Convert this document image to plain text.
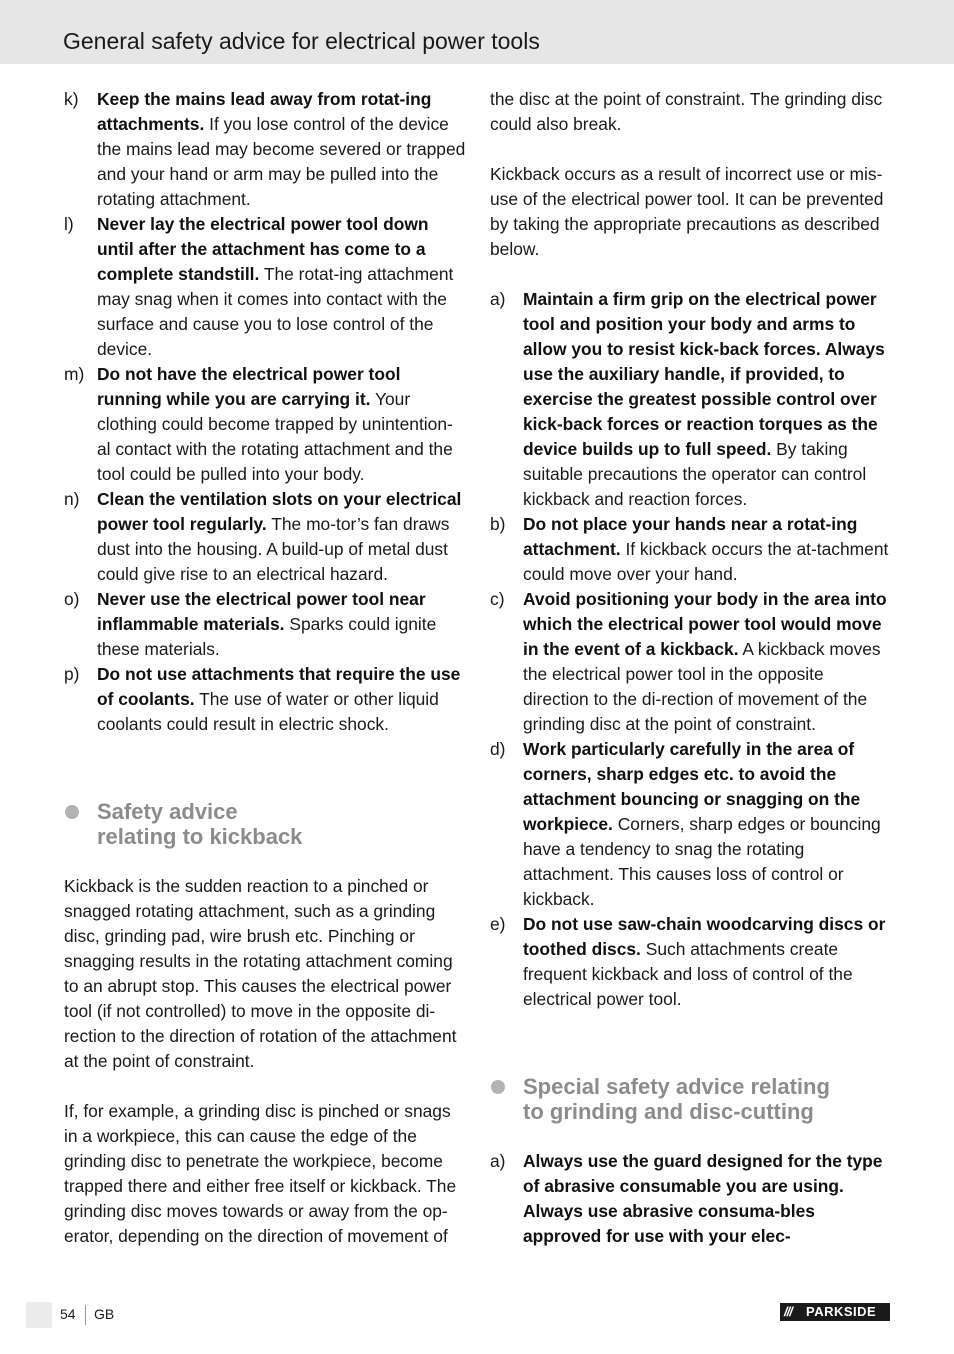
General safety advice for electrical power tools
k) Keep the mains lead away from rotat-ing attachments. If you lose control of the device the mains lead may become severed or trapped and your hand or arm may be pulled into the rotating attachment.
l) Never lay the electrical power tool down until after the attachment has come to a complete standstill. The rotat-ing attachment may snag when it comes into contact with the surface and cause you to lose control of the device.
m) Do not have the electrical power tool running while you are carrying it. Your clothing could become trapped by unintention-al contact with the rotating attachment and the tool could be pulled into your body.
n) Clean the ventilation slots on your electrical power tool regularly. The mo-tor’s fan draws dust into the housing. A build-up of metal dust could give rise to an electrical hazard.
o) Never use the electrical power tool near inflammable materials. Sparks could ignite these materials.
p) Do not use attachments that require the use of coolants. The use of water or other liquid coolants could result in electric shock.
Safety advice
relating to kickback

Kickback is the sudden reaction to a pinched or snagged rotating attachment, such as a grinding disc, grinding pad, wire brush etc. Pinching or snagging results in the rotating attachment coming to an abrupt stop. This causes the electrical power tool (if not controlled) to move in the opposite di-rection to the direction of rotation of the attachment at the point of constraint.

If, for example, a grinding disc is pinched or snags in a workpiece, this can cause the edge of the grinding disc to penetrate the workpiece, become trapped there and either free itself or kickback. The grinding disc moves towards or away from the op-erator, depending on the direction of movement of

the disc at the point of constraint. The grinding disc could also break.

Kickback occurs as a result of incorrect use or mis-use of the electrical power tool. It can be prevented by taking the appropriate precautions as described below.

a) Maintain a firm grip on the electrical power tool and position your body and arms to allow you to resist kick-back forces. Always use the auxiliary handle, if provided, to exercise the greatest possible control over kick-back forces or reaction torques as the device builds up to full speed. By taking suitable precautions the operator can control kickback and reaction forces.
b) Do not place your hands near a rotat-ing attachment. If kickback occurs the at-tachment could move over your hand.
c) Avoid positioning your body in the area into which the electrical power tool would move in the event of a kickback. A kickback moves the electrical power tool in the opposite direction to the di-rection of movement of the grinding disc at the point of constraint.
d) Work particularly carefully in the area of corners, sharp edges etc. to avoid the attachment bouncing or snagging on the workpiece. Corners, sharp edges or bouncing have a tendency to snag the rotating attachment. This causes loss of control or kickback.
e) Do not use saw-chain woodcarving discs or toothed discs. Such attachments create frequent kickback and loss of control of the electrical power tool.
Special safety advice relating
to grinding and disc-cutting
a) Always use the guard designed for the type of abrasive consumable you are using. Always use abrasive consuma-bles approved for use with your elec-
54 GB	///	PARKSIDE
